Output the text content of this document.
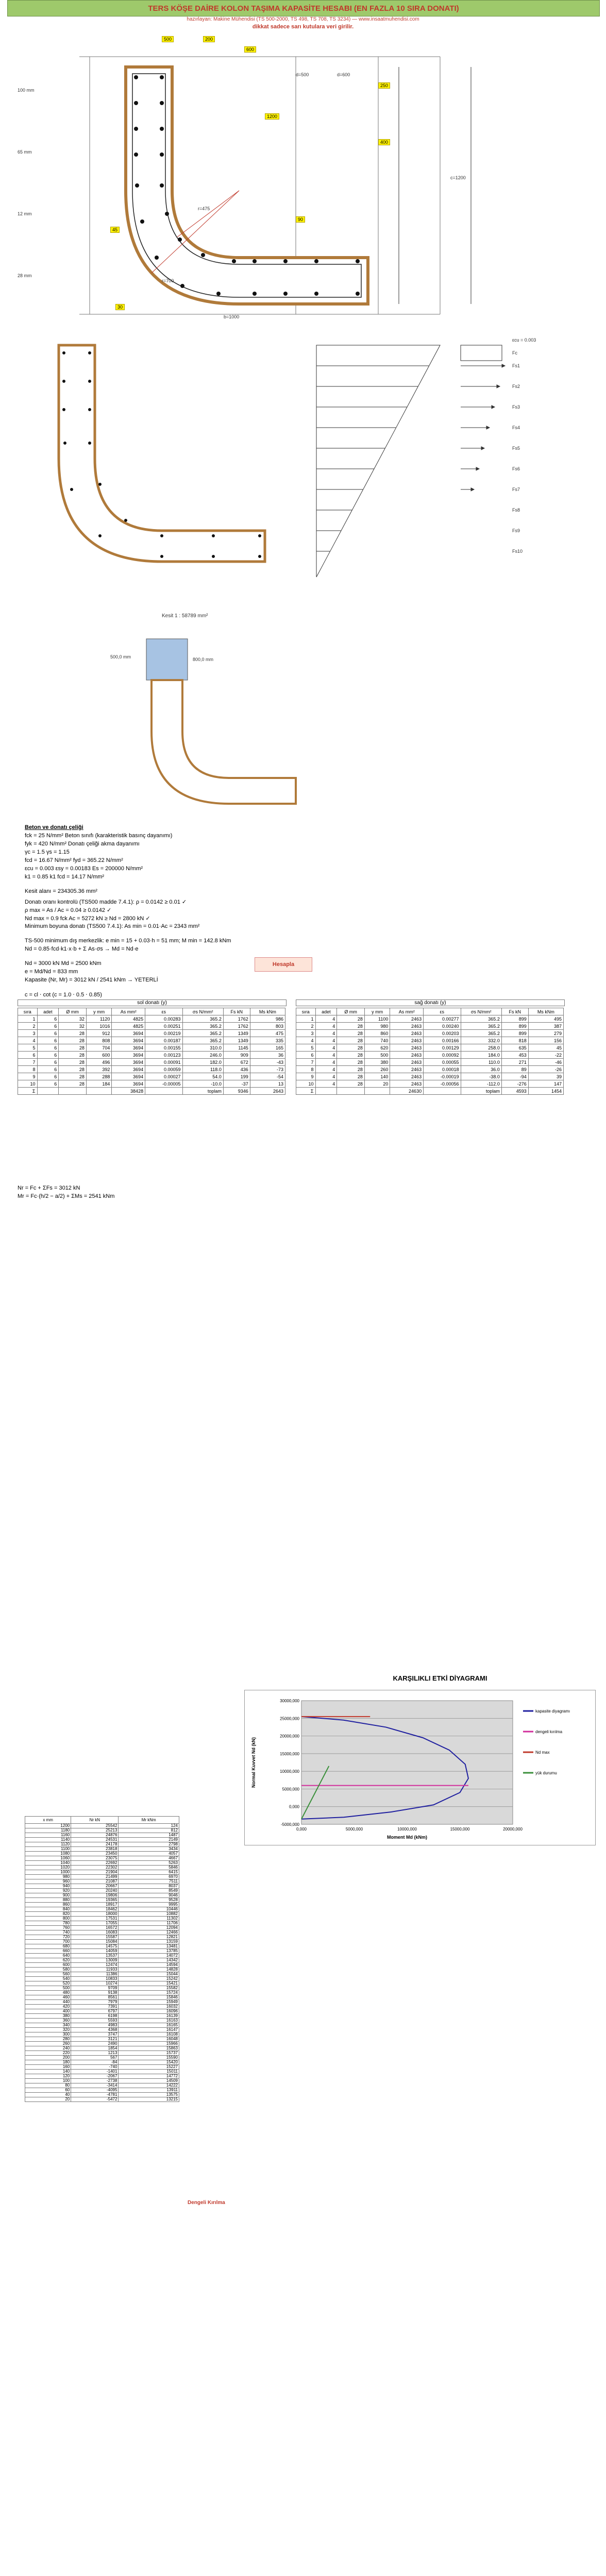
TERS KÖŞE DAİRE KOLON TAŞIMA KAPASİTE HESABI (EN FAZLA 10 SIRA DONATI)
hazırlayan: Makine Mühendisi (TS 500-2000, TS 498, TS 708, TS 3234) — www.insaatmuhendisi.com
dikkat sadece sarı kutulara veri girilir.
100 mm
65 mm
12 mm
28 mm
500	200
600
250
400
90
45
1200
30
d=500	d=600
b=1000
c=1200
r=475
r=700
εcu = 0.003
Fc
Fs1
Fs2
Fs3
Fs4
Fs5
Fs6
Fs7
Fs8
Fs9
Fs10
500,0 mm	800,0 mm
Kesit 1 : 58789 mm²
Beton ve donatı çeliği
fck = 25 N/mm² Beton sınıfı (karakteristik basınç dayanımı)
fyk = 420 N/mm² Donatı çeliği akma dayanımı
γc = 1.5 γs = 1.15
fcd = 16.67 N/mm² fyd = 365.22 N/mm²
εcu = 0.003 εsy = 0.00183 Es = 200000 N/mm²
k1 = 0.85 k1 fcd = 14.17 N/mm²
Kesit alanı = 234305.36 mm²
Donatı oranı kontrolü (TS500 madde 7.4.1): ρ = 0.0142 ≥ 0.01 ✓
ρ max = As / Ac = 0.04 ≥ 0.0142 ✓
Nd max = 0.9 fck Ac = 5272 kN ≥ Nd = 2800 kN ✓
Minimum boyuna donatı (TS500 7.4.1): As min = 0.01·Ac = 2343 mm²
TS-500 minimum dış merkezlik: e min = 15 + 0.03·h = 51 mm; M min = 142.8 kNm
Nd = 0.85·fcd·k1·x·b + Σ As·σs → Md = Nd·e
Nd = 3000 kN Md = 2500 kNm
e = Md/Nd = 833 mm
Kapasite (Nr, Mr) = 3012 kN / 2541 kNm → YETERLİ
Hesapla
c = cl ⋅ cot (c = 1.0 ⋅ 0.5 ⋅ 0.85)
sol donatı (y)	sağ donatı (y)
sıra	adet	Ø mm	y mm	As mm²	εs	σs N/mm²	Fs kN	Ms kNm
1	6	32	1120	4825	0.00283	365.2	1762	986
2	6	32	1016	4825	0.00251	365.2	1762	803
3	6	28	912	3694	0.00219	365.2	1349	475
4	6	28	808	3694	0.00187	365.2	1349	335
5	6	28	704	3694	0.00155	310.0	1145	165
6	6	28	600	3694	0.00123	246.0	909	36
7	6	28	496	3694	0.00091	182.0	672	-43
8	6	28	392	3694	0.00059	118.0	436	-73
9	6	28	288	3694	0.00027	54.0	199	-54
10	6	28	184	3694	-0.00005	-10.0	-37	13
Σ				38428		toplam	9346	2643
sıra	adet	Ø mm	y mm	As mm²	εs	σs N/mm²	Fs kN	Ms kNm
1	4	28	1100	2463	0.00277	365.2	899	495
2	4	28	980	2463	0.00240	365.2	899	387
3	4	28	860	2463	0.00203	365.2	899	279
4	4	28	740	2463	0.00166	332.0	818	156
5	4	28	620	2463	0.00129	258.0	635	45
6	4	28	500	2463	0.00092	184.0	453	-22
7	4	28	380	2463	0.00055	110.0	271	-46
8	4	28	260	2463	0.00018	36.0	89	-26
9	4	28	140	2463	-0.00019	-38.0	-94	39
10	4	28	20	2463	-0.00056	-112.0	-276	147
Σ				24630		toplam	4593	1454
Nr = Fc + ΣFs = 3012 kN
Mr = Fc·(h/2 − a/2) + ΣMs = 2541 kNm
KARŞILIKLI ETKİ DİYAGRAMI
-5000,000
0,000
5000,000
10000,000
15000,000
20000,000
25000,000
30000,000
0,000	5000,000	10000,000	15000,000	20000,000
Moment Md (kNm)
Normal Kuvvet Nd (kN)
kapasite diyagramı
dengeli kırılma
Nd max
yük durumu
x mm	Nr kN	Mr kNm
1200	25542	124
1180	25213	812
1160	24876	1487
1140	24531	2149
1120	24178	2798
1100	23818	3434
1080	23450	4057
1060	23075	4667
1040	22692	5263
1020	22302	5846
1000	21904	6415
980	21499	6970
960	21087	7511
940	20667	8037
920	20240	8549
900	19806	9046
880	19365	9528
860	18917	9995
840	18462	10446
820	18000	10882
800	17531	11302
780	17055	11706
760	16572	12094
740	16083	12466
720	15587	12821
700	15084	13159
680	14575	13481
660	14059	13785
640	13537	14072
620	13009	14342
600	12474	14594
580	11933	14828
560	11386	15044
540	10833	15242
520	10274	15421
500	9709	15582
480	9138	15724
460	8561	15846
440	7979	15949
420	7391	16032
400	6797	16096
380	6198	16139
360	5593	16163
340	4983	16165
320	4368	16147
300	3747	16108
280	3121	16048
260	2490	15966
240	1854	15863
220	1213	15737
200	567	15590
180	-84	15420
160	-740	15227
140	-1401	15011
120	-2067	14772
100	-2738	14509
80	-3414	14222
60	-4095	13911
40	-4781	13575
20	-5472	13215
Dengeli Kırılma
